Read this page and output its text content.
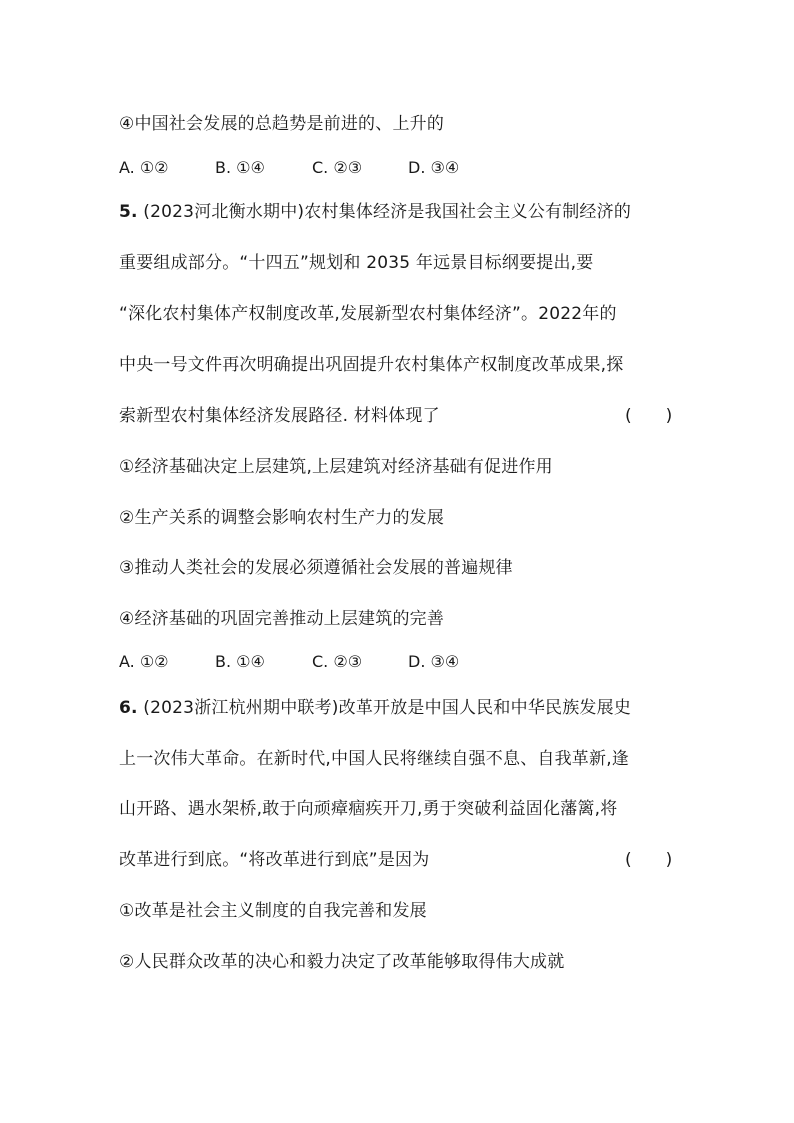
④中国社会发展的总趋势是前进的、上升的
A. ①②	B. ①④	C. ②③	D. ③④
5. (2023河北衡水期中)农村集体经济是我国社会主义公有制经济的
重要组成部分。“十四五”规划和 2035 年远景目标纲要提出,要
“深化农村集体产权制度改革,发展新型农村集体经济”。2022年的
中央一号文件再次明确提出巩固提升农村集体产权制度改革成果,探
索新型农村集体经济发展路径. 材料体现了	(　　)
①经济基础决定上层建筑,上层建筑对经济基础有促进作用
②生产关系的调整会影响农村生产力的发展
③推动人类社会的发展必须遵循社会发展的普遍规律
④经济基础的巩固完善推动上层建筑的完善
A. ①②	B. ①④	C. ②③	D. ③④
6. (2023浙江杭州期中联考)改革开放是中国人民和中华民族发展史
上一次伟大革命。在新时代,中国人民将继续自强不息、自我革新,逢
山开路、遇水架桥,敢于向顽瘴痼疾开刀,勇于突破利益固化藩篱,将
改革进行到底。“将改革进行到底”是因为	(　　)
①改革是社会主义制度的自我完善和发展
②人民群众改革的决心和毅力决定了改革能够取得伟大成就
